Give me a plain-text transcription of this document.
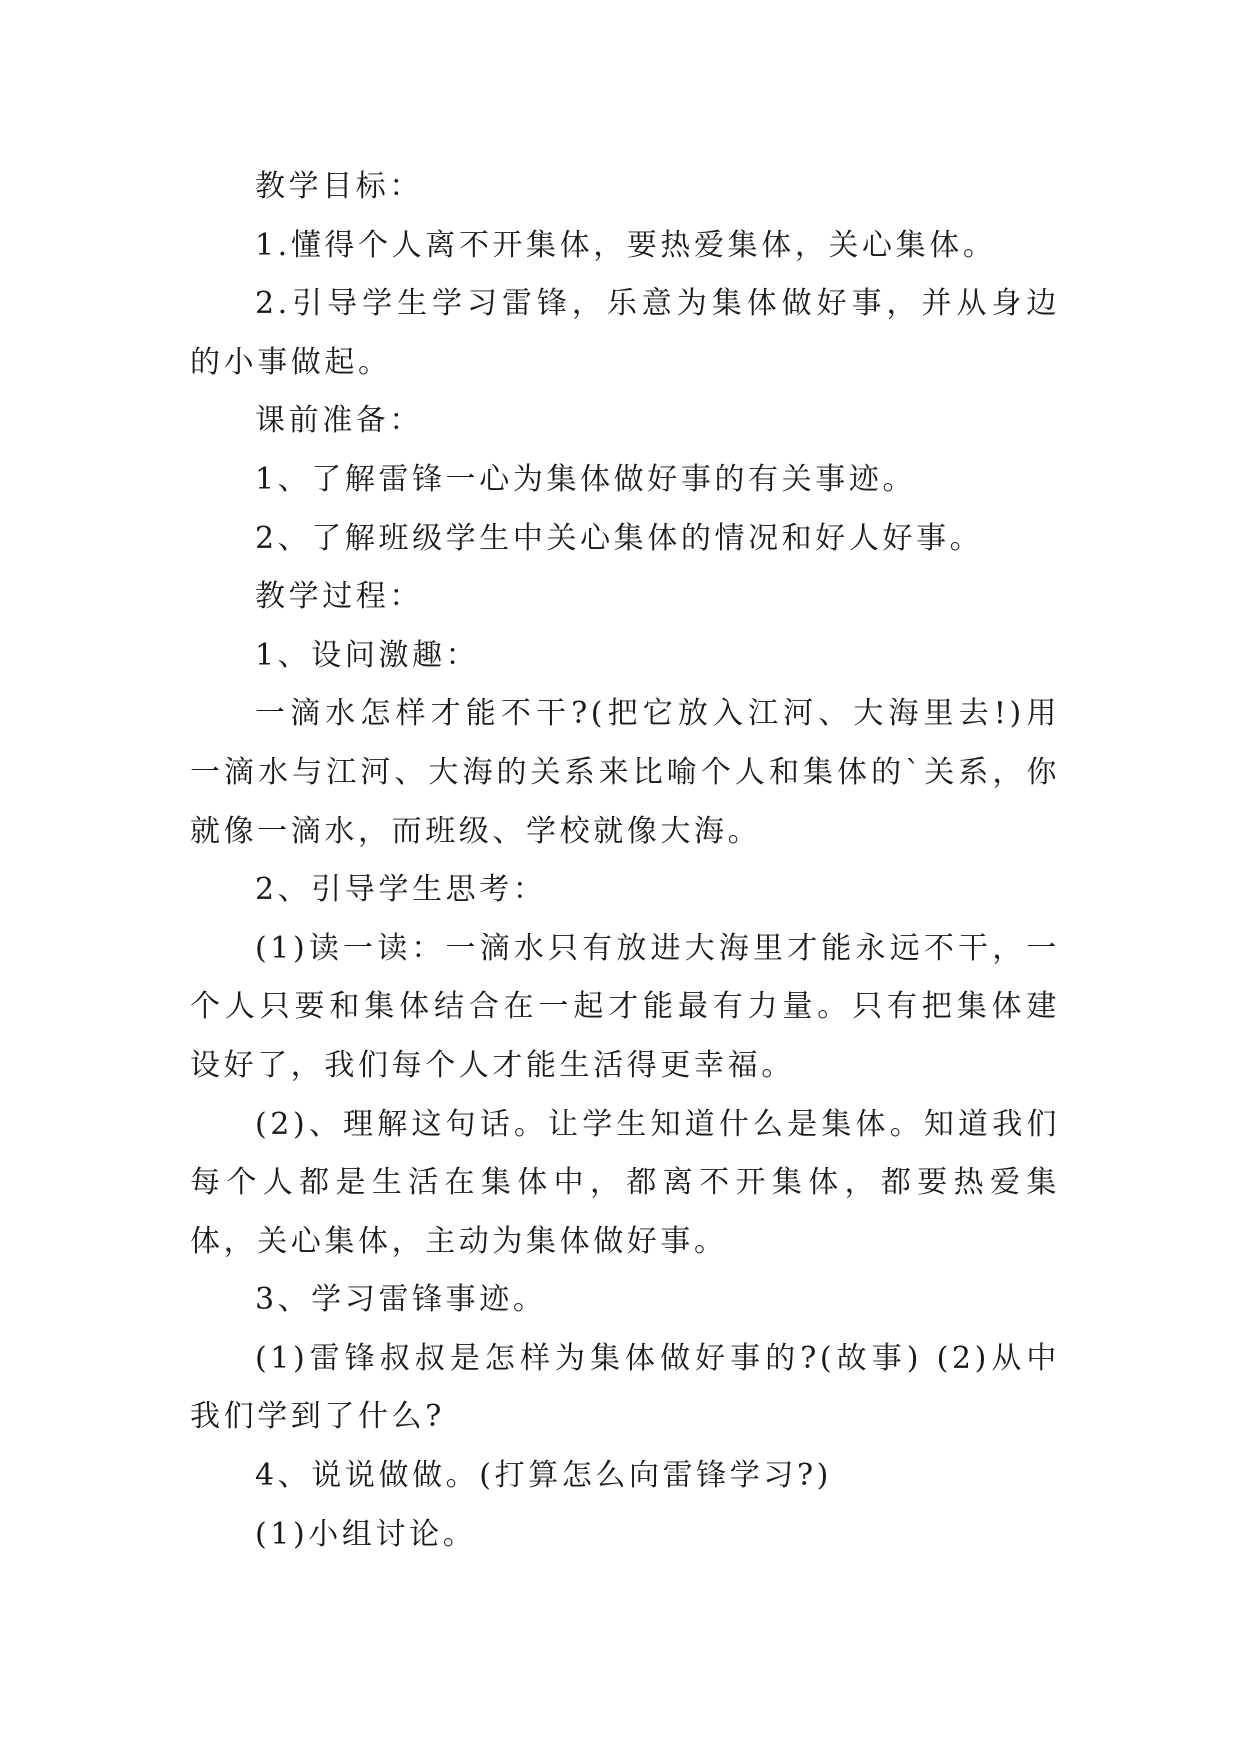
教学目标：

1.懂得个人离不开集体，要热爱集体，关心集体。

2.引导学生学习雷锋，乐意为集体做好事，并从身边的小事做起。

课前准备：

1、了解雷锋一心为集体做好事的有关事迹。

2、了解班级学生中关心集体的情况和好人好事。

教学过程：

1、设问激趣：

一滴水怎样才能不干?(把它放入江河、大海里去!)用一滴水与江河、大海的关系来比喻个人和集体的`关系，你就像一滴水，而班级、学校就像大海。

2、引导学生思考：

(1)读一读：一滴水只有放进大海里才能永远不干，一个人只要和集体结合在一起才能最有力量。只有把集体建设好了，我们每个人才能生活得更幸福。

(2)、理解这句话。让学生知道什么是集体。知道我们每个人都是生活在集体中，都离不开集体，都要热爱集体，关心集体，主动为集体做好事。

3、学习雷锋事迹。

(1)雷锋叔叔是怎样为集体做好事的?(故事) (2)从中我们学到了什么?

4、说说做做。(打算怎么向雷锋学习?)

(1)小组讨论。
